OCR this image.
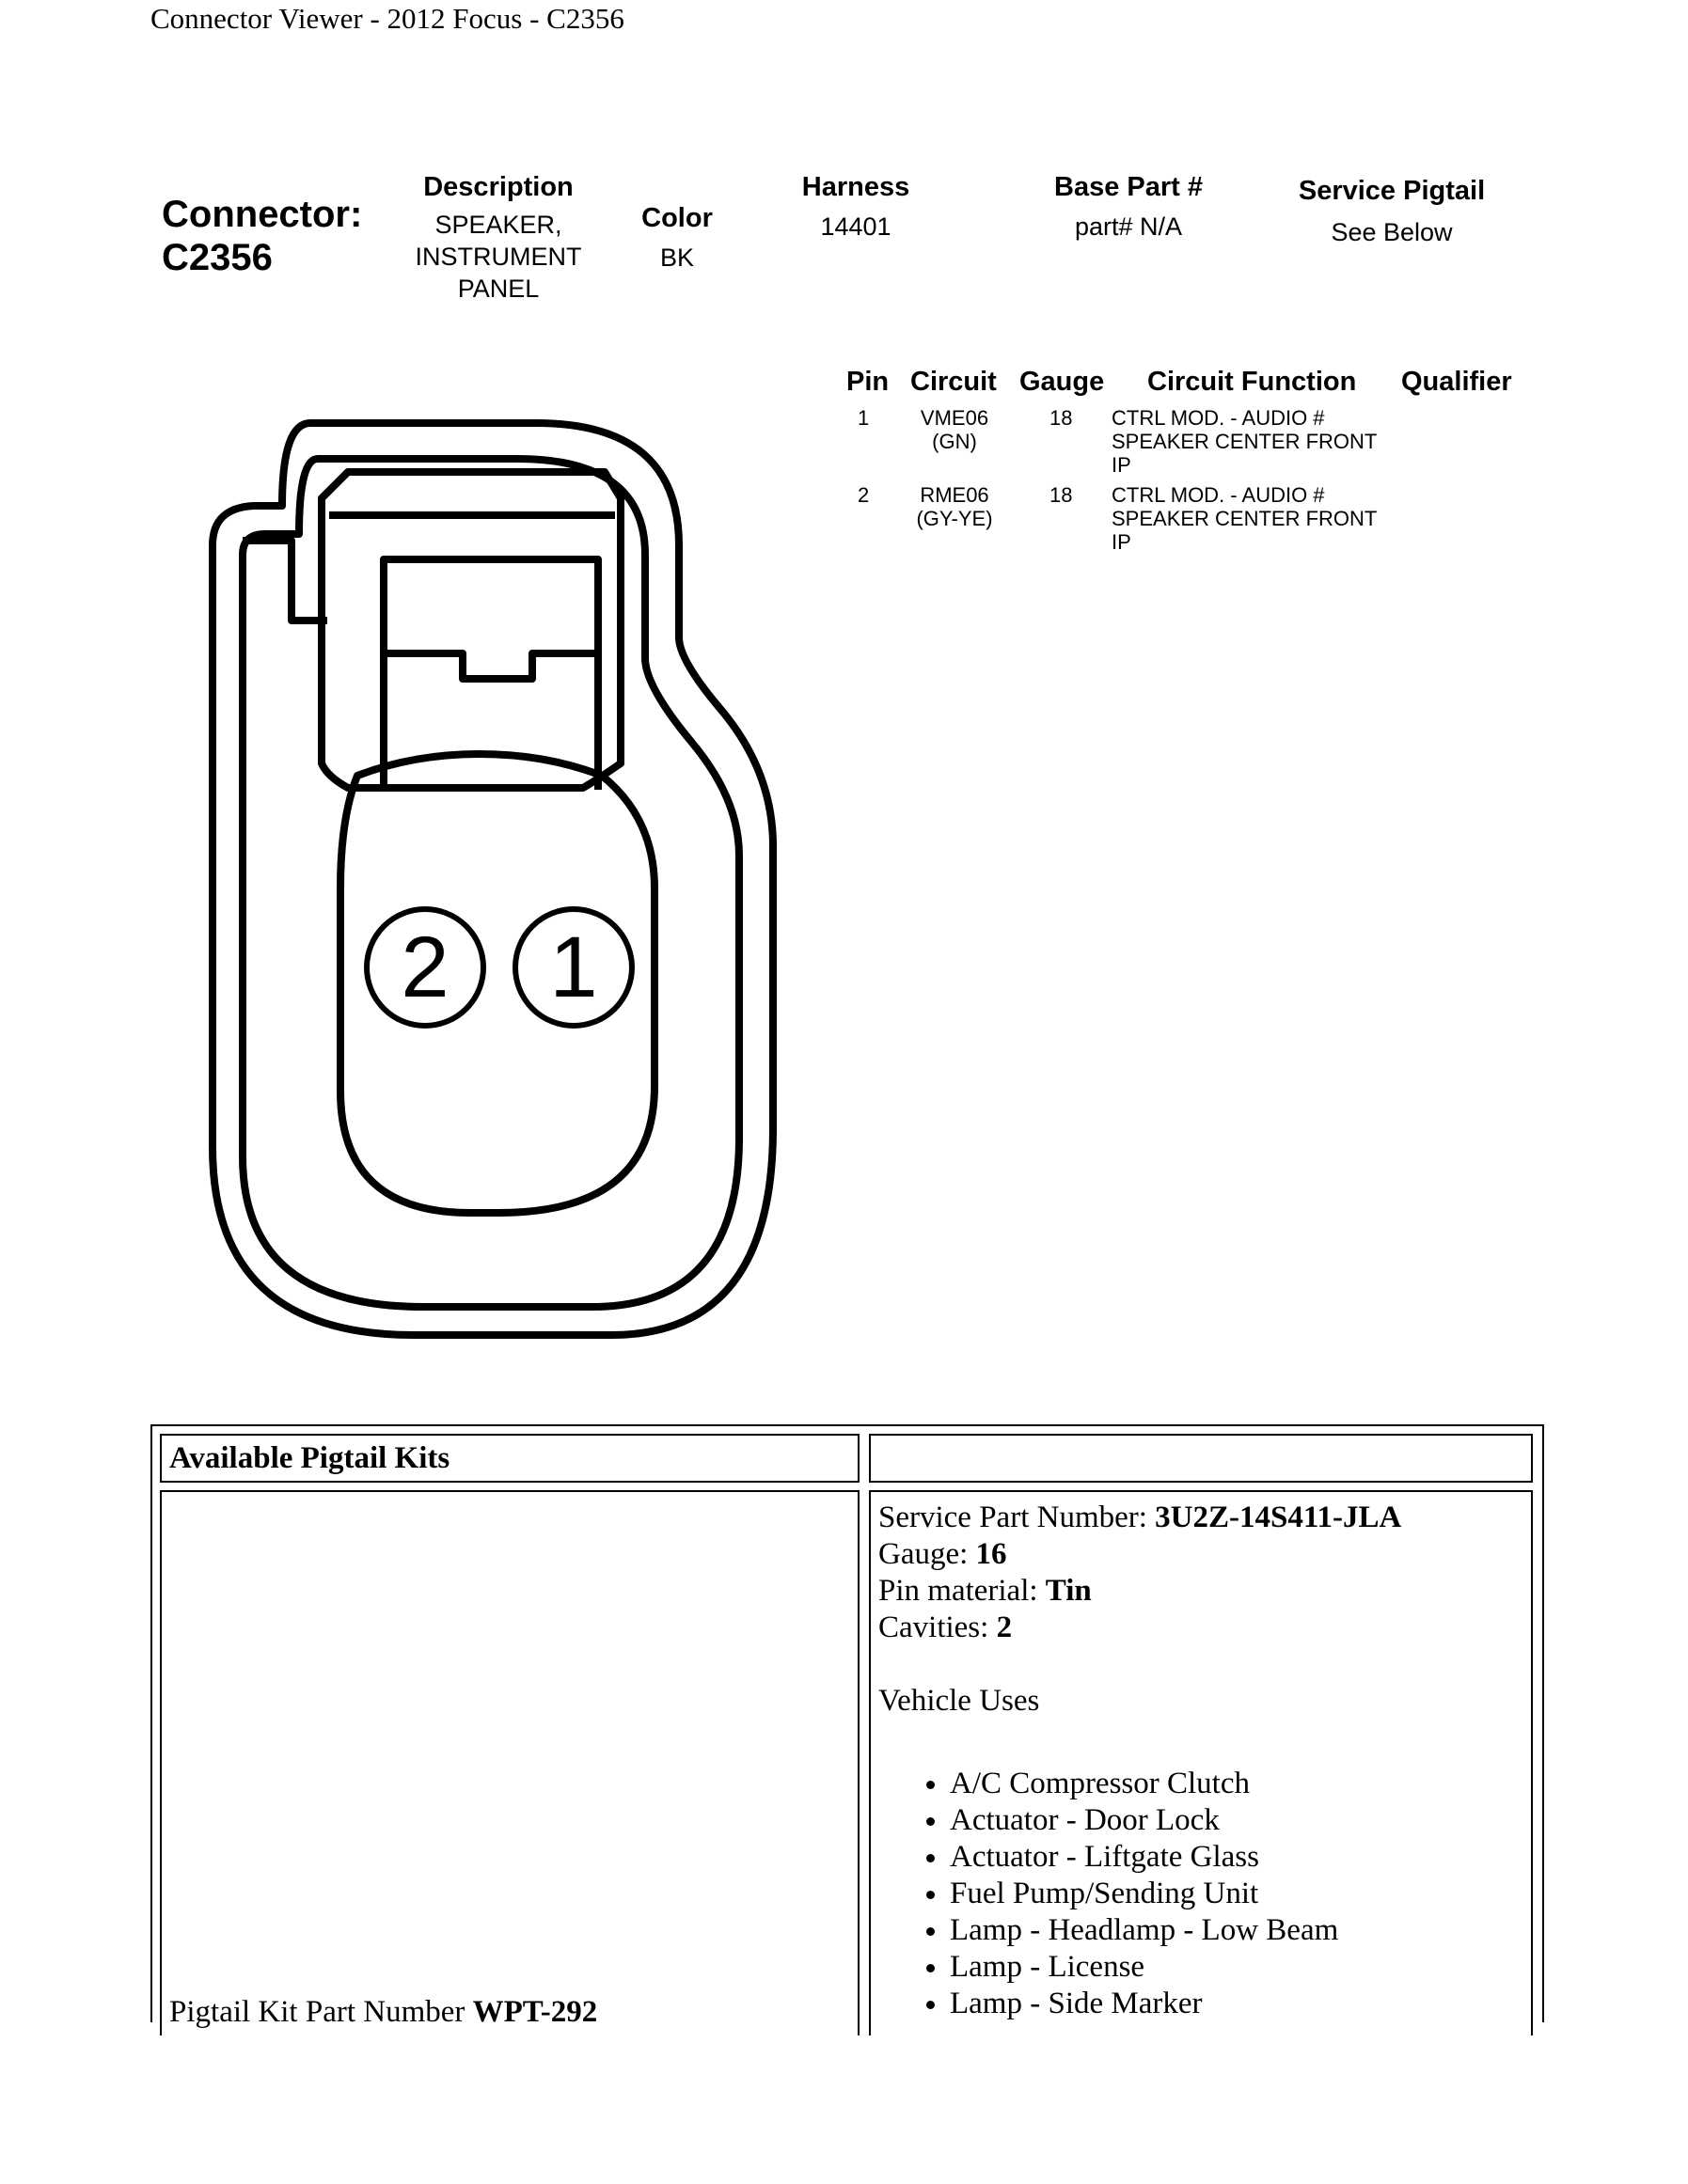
Connector Viewer - 2012 Focus - C2356
Connector:
C2356
Description
SPEAKER,
INSTRUMENT
PANEL
Color
BK
Harness
14401
Base Part #
part# N/A
Service Pigtail
See Below
Pin Circuit Gauge Circuit Function Qualifier
1	VME06
(GN)
18 CTRL MOD. - AUDIO #
SPEAKER CENTER FRONT
IP
2	RME06
(GY-YE)
18 CTRL MOD. - AUDIO #
SPEAKER CENTER FRONT
IP
2 1
Available Pigtail Kits
Pigtail Kit Part Number WPT-292
Service Part Number: 3U2Z-14S411-JLA
Gauge: 16
Pin material: Tin
Cavities: 2
Vehicle Uses
• A/C Compressor Clutch
• Actuator - Door Lock
• Actuator - Liftgate Glass
• Fuel Pump/Sending Unit
• Lamp - Headlamp - Low Beam
• Lamp - License
• Lamp - Side Marker
